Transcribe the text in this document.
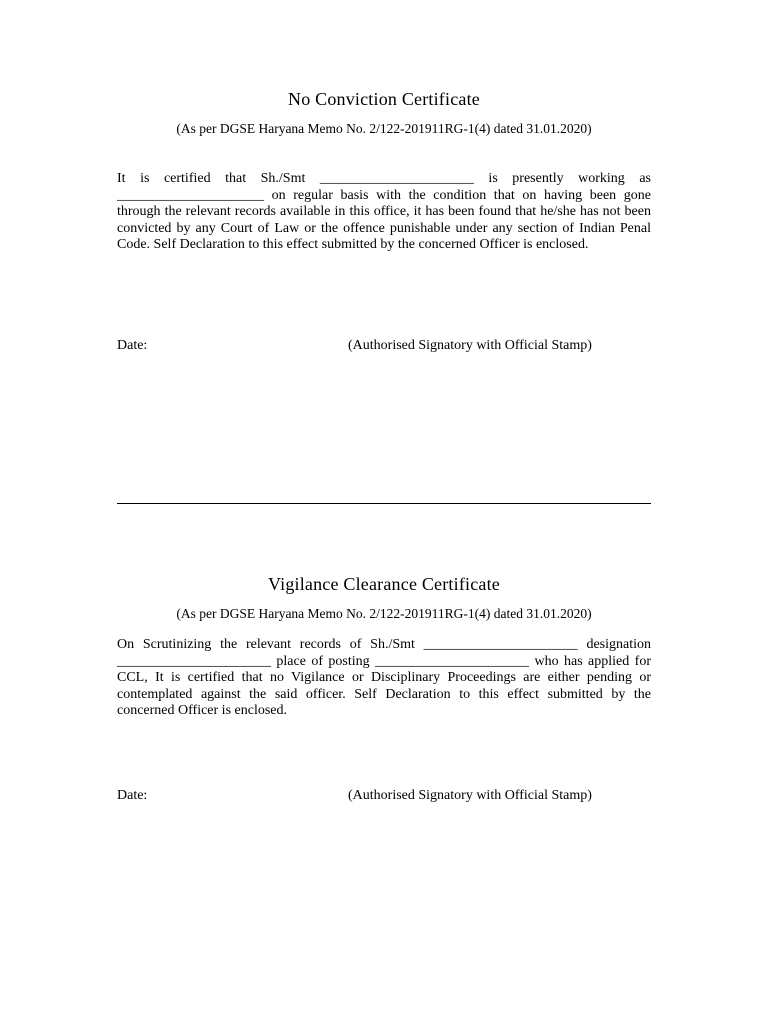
No Conviction Certificate
(As per DGSE Haryana Memo No. 2/122-201911RG-1(4) dated 31.01.2020)
It is certified that Sh./Smt ______________________ is presently working as _____________________ on regular basis with the condition that on having been gone through the relevant records available in this office, it has been found that he/she has not been convicted by any Court of Law or the offence punishable under any section of Indian Penal Code. Self Declaration to this effect submitted by the concerned Officer is enclosed.
Date:	(Authorised Signatory with Official Stamp)
Vigilance Clearance Certificate
(As per DGSE Haryana Memo No. 2/122-201911RG-1(4) dated 31.01.2020)
On Scrutinizing the relevant records of Sh./Smt ______________________ designation ______________________ place of posting ______________________ who has applied for CCL, It is certified that no Vigilance or Disciplinary Proceedings are either pending or contemplated against the said officer. Self Declaration to this effect submitted by the concerned Officer is enclosed.
Date:	(Authorised Signatory with Official Stamp)
